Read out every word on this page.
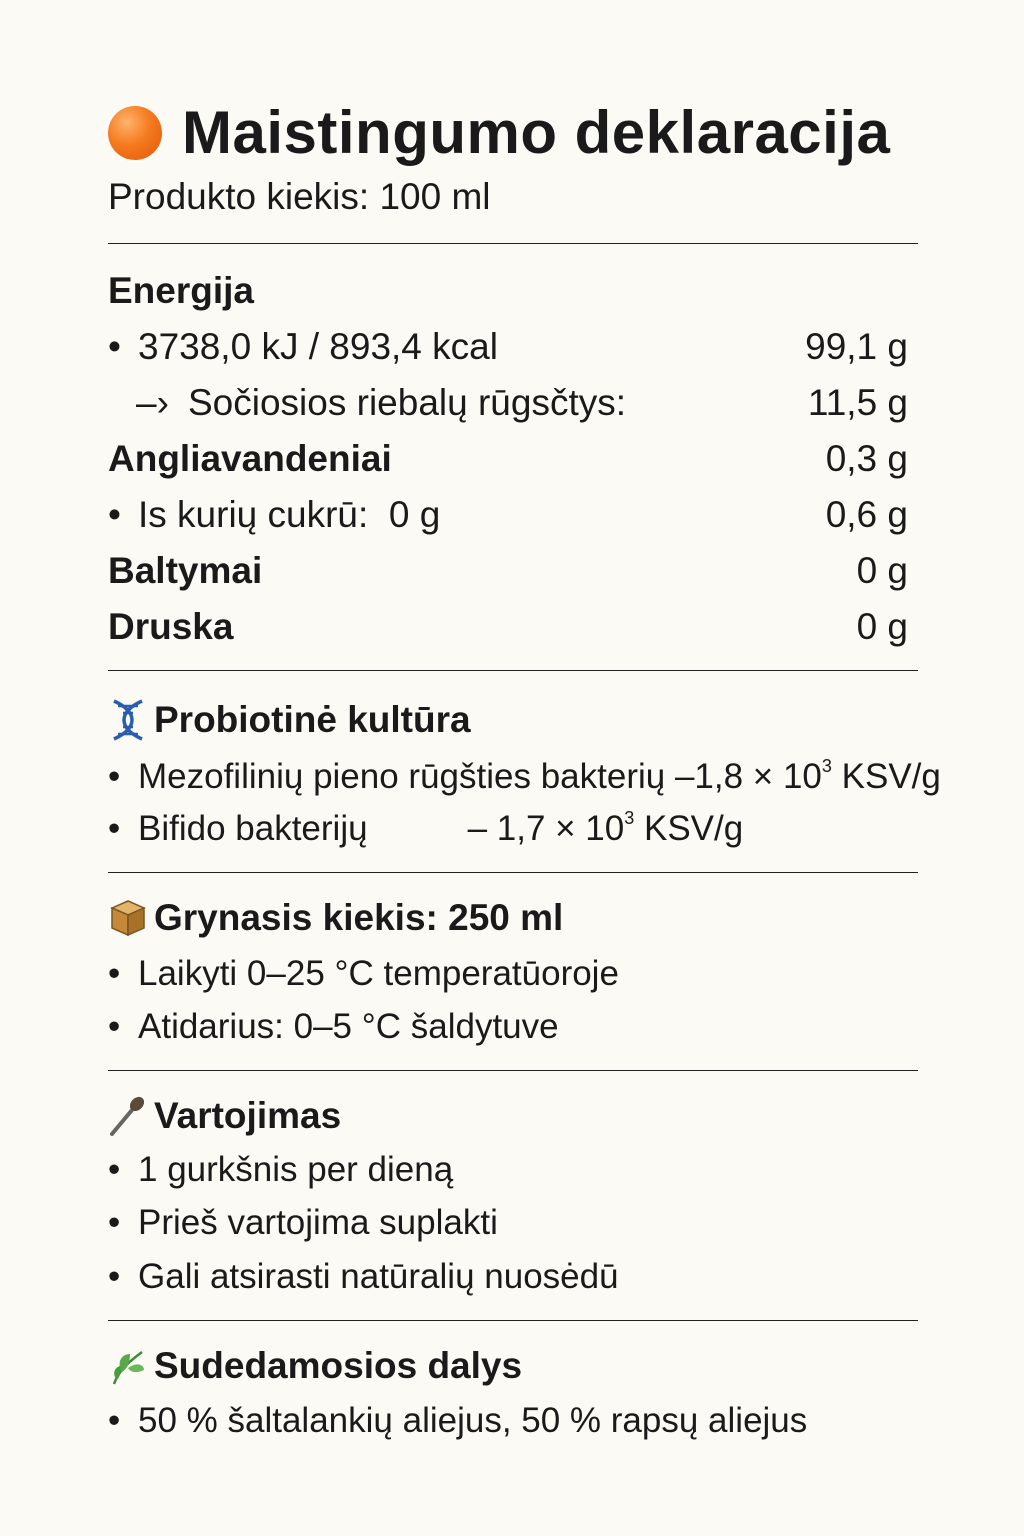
Maistingumo deklaracija
Produkto kiekis: 100 ml
Energija
• 3738,0 kJ / 893,4 kcal	99,1 g
–› Sočiosios riebalų rūgsčtys:	11,5 g
Angliavandeniai	0,3 g
• Is kurių cukrū:  0 g	0,6 g
Baltymai	0 g
Druska	0 g
Probiotinė kultūra
• Mezofilinių pieno rūgšties bakterių $-1,8 \times 10^3$ KSV/g
• Bifido bakterijų	– $1,7 \times 10^3$ KSV/g
Grynasis kiekis: 250 ml
• Laikyti 0–25 °C temperatūoroje
• Atidarius: 0–5 °C šaldytuve
Vartojimas
• 1 gurkšnis per dieną
• Prieš vartojima suplakti
• Gali atsirasti natūralių nuosėdū
Sudedamosios dalys
• 50 % šaltalankių aliejus, 50 % rapsų aliejus
